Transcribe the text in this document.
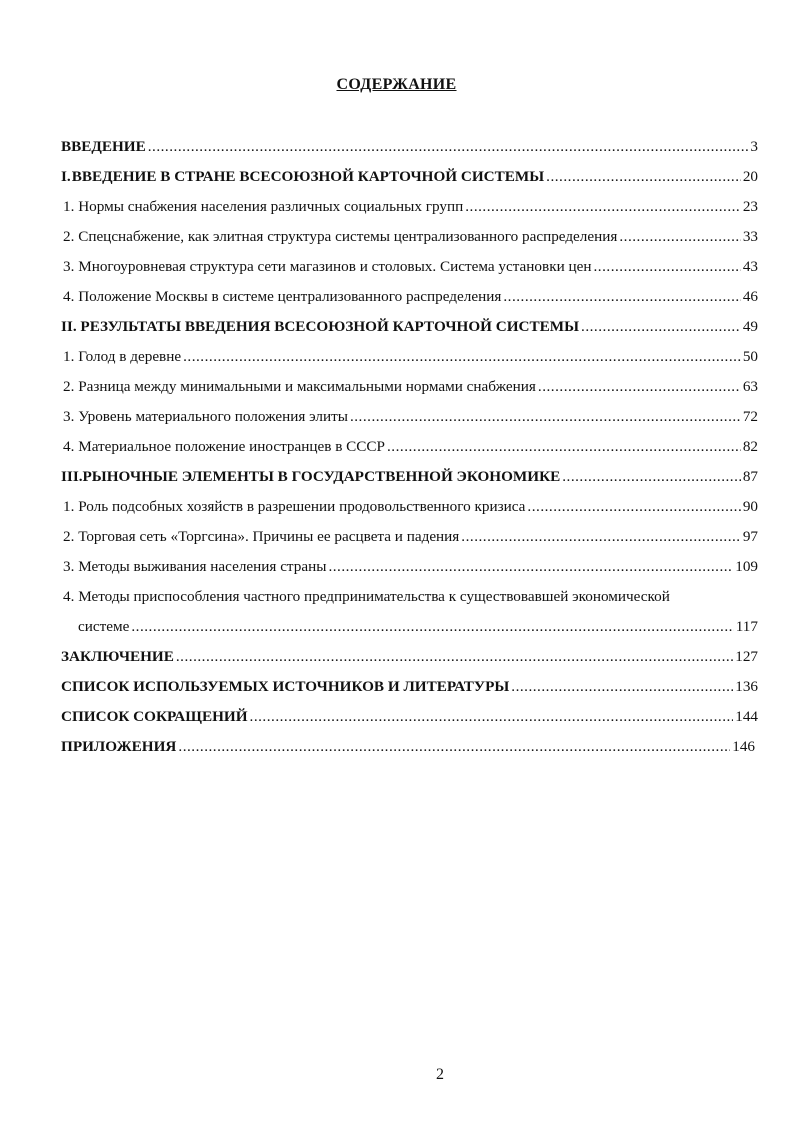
СОДЕРЖАНИЕ
ВВЕДЕНИЕ .....	3
I. ВВЕДЕНИЕ В СТРАНЕ ВСЕСОЮЗНОЙ КАРТОЧНОЙ СИСТЕМЫ .....	20
1.
Нормы снабжения населения различных социальных групп .....	23
2.
Спецснабжение, как элитная структура системы централизованного распределения .....	33
3.
Многоуровневая структура сети магазинов и столовых. Система установки цен .....	43
4.
Положение Москвы в системе централизованного распределения .....	46
II.
РЕЗУЛЬТАТЫ ВВЕДЕНИЯ ВСЕСОЮЗНОЙ КАРТОЧНОЙ СИСТЕМЫ .....	49
1.
Голод в деревне .....	50
2.
Разница между минимальными и максимальными нормами снабжения .....	63
3.
Уровень материального положения элиты .....	72
4.
Материальное положение иностранцев в СССР .....	82
III. РЫНОЧНЫЕ ЭЛЕМЕНТЫ В ГОСУДАРСТВЕННОЙ ЭКОНОМИКЕ .....	87
1.
Роль подсобных хозяйств в разрешении продовольственного кризиса .....	90
2.
Торговая сеть «Торгсина». Причины ее расцвета и падения .....	97
3.
Методы выживания населения страны .....	109
4.
Методы приспособления частного предпринимательства к существовавшей экономической
системе .....	117
ЗАКЛЮЧЕНИЕ .....	127
СПИСОК ИСПОЛЬЗУЕМЫХ ИСТОЧНИКОВ И ЛИТЕРАТУРЫ .....	136
СПИСОК СОКРАЩЕНИЙ .....	144
ПРИЛОЖЕНИЯ .....	146
2
